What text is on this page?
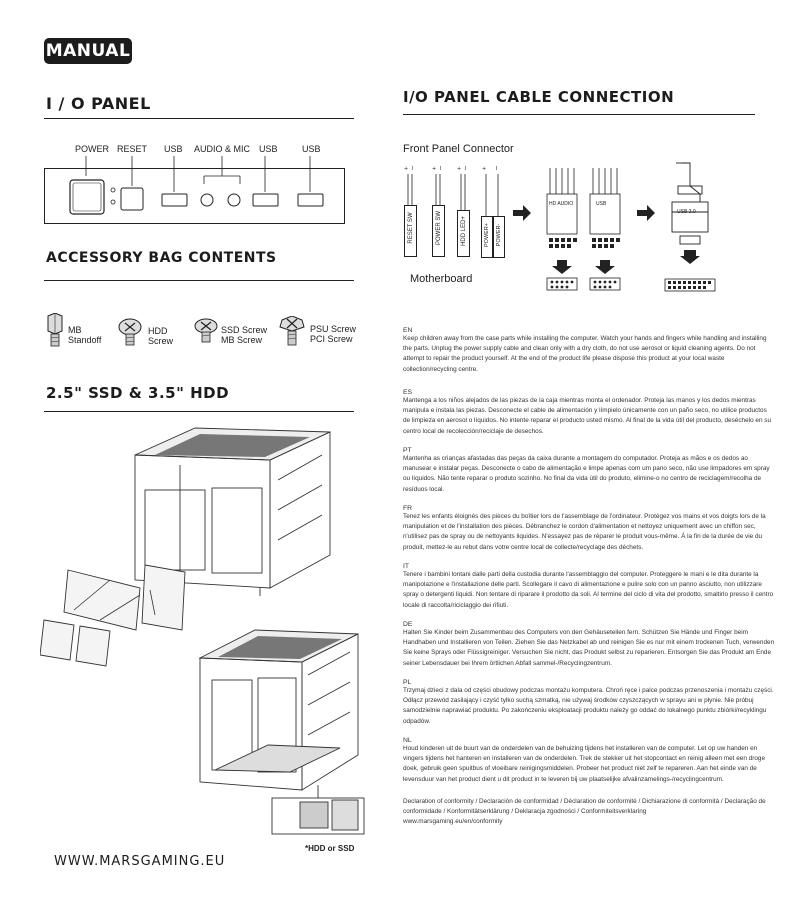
MANUAL
I / O PANEL
POWER RESET USB AUDIO & MIC USB	USB
ACCESSORY BAG CONTENTS
MB
Standoff
HDD
Screw
SSD Screw
MB Screw
PSU Screw
PCI Screw
2.5" SSD & 3.5" HDD
*HDD or SSD
WWW.MARSGAMING.EU
I/O PANEL CABLE CONNECTION
Front Panel Connector
RESET SW	POWER SW	HDD LED+	POWER+ POWER-
+ I	+ I	+ I	+ I
HD AUDIO	USB
USB 3.0
Motherboard
EN
Keep children away from the case parts while installing the computer. Watch your hands and fingers while handling and installing the parts. Unplug the power supply cable and clean only with a dry cloth, do not use aerosol or liquid cleaning agents. Do not attempt to repair the product yourself. At the end of the product life please dispose this product at your local waste collection/recycling centre.
ES
Mantenga a los niños alejados de las piezas de la caja mientras monta el ordenador. Proteja las manos y los dedos mientras manipula e instala las piezas. Desconecte el cable de alimentación y límpielo únicamente con un paño seco, no utilice productos de limpieza en aerosol o líquidos. No intente reparar el producto usted mismo. Al final de la vida útil del producto, deséchelo en su centro local de recolección/reciclaje de desechos.
PT
Mantenha as crianças afastadas das peças da caixa durante a montagem do computador. Proteja as mãos e os dedos ao manusear e instalar peças. Desconecte o cabo de alimentação e limpe apenas com um pano seco, não use limpadores em spray ou líquidos. Não tente reparar o produto sozinho. No final da vida útil do produto, elimine-o no centro de reciclagem/recolha de resíduos local.
FR
Tenez les enfants éloignés des pièces du boîtier lors de l'assemblage de l'ordinateur. Protégez vos mains et vos doigts lors de la manipulation et de l'installation des pièces. Débranchez le cordon d'alimentation et nettoyez uniquement avec un chiffon sec, n'utilisez pas de spray ou de nettoyants liquides. N'essayez pas de réparer le produit vous-même. À la fin de la durée de vie du produit, mettez-le au rebut dans votre centre local de collecte/recyclage des déchets.
IT
Tenere i bambini lontani dalle parti della custodia durante l'assemblaggio del computer. Proteggere le mani e le dita durante la manipolazione e l'installazione delle parti. Scollegare il cavo di alimentazione e pulire solo con un panno asciutto, non utilizzare spray o detergenti liquidi. Non tentare di riparare il prodotto da soli. Al termine del ciclo di vita del prodotto, smaltirlo presso il centro locale di raccolta/riciclaggio dei rifiuti.
DE
Halten Sie Kinder beim Zusammenbau des Computers von den Gehäuseteilen fern. Schützen Sie Hände und Finger beim Handhaben und Installieren von Teilen. Ziehen Sie das Netzkabel ab und reinigen Sie es nur mit einem trockenen Tuch, verwenden Sie keine Sprays oder Flüssigreiniger. Versuchen Sie nicht, das Produkt selbst zu reparieren. Entsorgen Sie das Produkt am Ende seiner Lebensdauer bei Ihrem örtlichen Abfall sammel-/Recyclingzentrum.
PL
Trzymaj dzieci z dala od części obudowy podczas montażu komputera. Chroń ręce i palce podczas przenoszenia i montażu części. Odłącz przewód zasilający i czyść tylko suchą szmatką, nie używaj środków czyszczących w sprayu ani w płynie. Nie próbuj samodzielnie naprawiać produktu. Po zakończeniu eksploatacji produktu należy go oddać do lokalnego punktu zbiórki/recyklingu odpadów.
NL
Houd kinderen uit de buurt van de onderdelen van de behuizing tijdens het installeren van de computer. Let op uw handen en vingers tijdens het hanteren en installeren van de onderdelen. Trek de stekker uit het stopcontact en reinig alleen met een droge doek, gebruik geen spuitbus of vloeibare reinigingsmiddelen. Probeer het product niet zelf te repareren. Aan het einde van de levensduur van het product dient u dit product in te leveren bij uw plaatselijke afvalinzamelings-/recyclingcentrum.
Declaration of conformity / Declaración de conformidad / Déclaration de conformité / Dichiarazione di conformità / Declaração de conformidade / Konformitätserklärung / Deklaracja zgodności / Conformiteitsverklaring
www.marsgaming.eu/en/conformity
